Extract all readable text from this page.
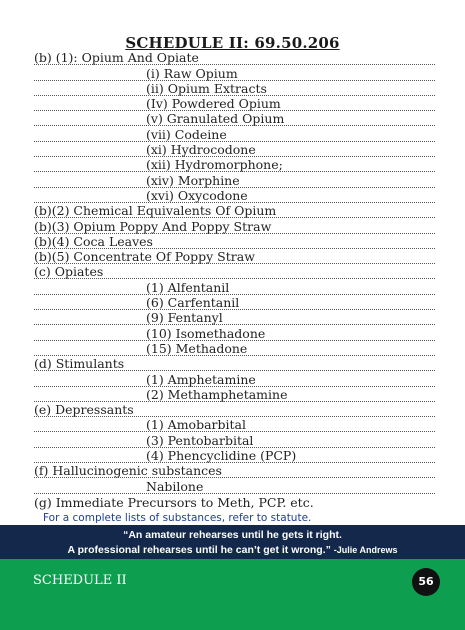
SCHEDULE II: 69.50.206
(b) (1): Opium And Opiate
(i) Raw Opium
(ii) Opium Extracts
(Iv) Powdered Opium
(v) Granulated Opium
(vii) Codeine
(xi) Hydrocodone
(xii) Hydromorphone;
(xiv) Morphine
(xvi) Oxycodone
(b)(2) Chemical Equivalents Of Opium
(b)(3) Opium Poppy And Poppy Straw
(b)(4) Coca Leaves
(b)(5) Concentrate Of Poppy Straw
(c) Opiates
(1) Alfentanil
(6) Carfentanil
(9) Fentanyl
(10) Isomethadone
(15) Methadone
(d) Stimulants
(1) Amphetamine
(2) Methamphetamine
(e) Depressants
(1) Amobarbital
(3) Pentobarbital
(4) Phencyclidine (PCP)
(f) Hallucinogenic substances
Nabilone
(g) Immediate Precursors to Meth, PCP. etc.
For a complete lists of substances, refer to statute.
“An amateur rehearses until he gets it right.
A professional rehearses until he can’t get it wrong.” -Julie Andrews
SCHEDULE II	56
